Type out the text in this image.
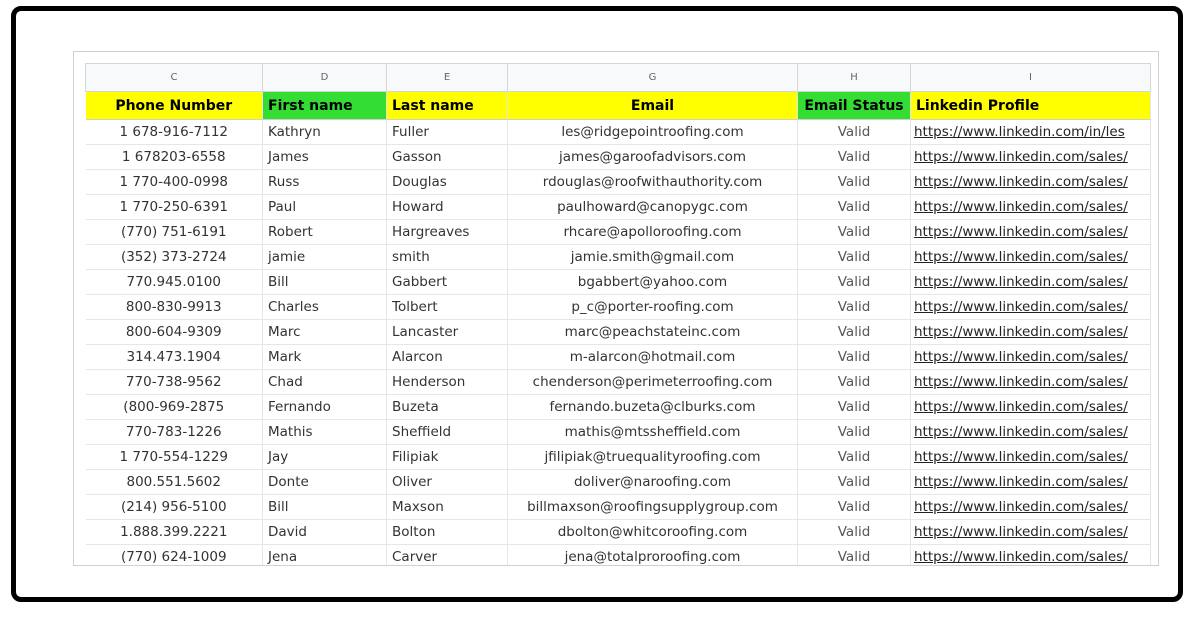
C	D	E	G	H	I
Phone Number	First name	Last name	Email	Email Status	Linkedin Profile
1 678-916-7112	Kathryn	Fuller	les@ridgepointroofing.com	Valid	https://www.linkedin.com/in/les
1 678203-6558	James	Gasson	james@garoofadvisors.com	Valid	https://www.linkedin.com/sales/
1 770-400-0998	Russ	Douglas	rdouglas@roofwithauthority.com	Valid	https://www.linkedin.com/sales/
1 770-250-6391	Paul	Howard	paulhoward@canopygc.com	Valid	https://www.linkedin.com/sales/
(770) 751-6191	Robert	Hargreaves	rhcare@apolloroofing.com	Valid	https://www.linkedin.com/sales/
(352) 373-2724	jamie	smith	jamie.smith@gmail.com	Valid	https://www.linkedin.com/sales/
770.945.0100	Bill	Gabbert	bgabbert@yahoo.com	Valid	https://www.linkedin.com/sales/
800-830-9913	Charles	Tolbert	p_c@porter-roofing.com	Valid	https://www.linkedin.com/sales/
800-604-9309	Marc	Lancaster	marc@peachstateinc.com	Valid	https://www.linkedin.com/sales/
314.473.1904	Mark	Alarcon	m-alarcon@hotmail.com	Valid	https://www.linkedin.com/sales/
770-738-9562	Chad	Henderson	chenderson@perimeterroofing.com	Valid	https://www.linkedin.com/sales/
(800-969-2875	Fernando	Buzeta	fernando.buzeta@clburks.com	Valid	https://www.linkedin.com/sales/
770-783-1226	Mathis	Sheffield	mathis@mtssheffield.com	Valid	https://www.linkedin.com/sales/
1 770-554-1229	Jay	Filipiak	jfilipiak@truequalityroofing.com	Valid	https://www.linkedin.com/sales/
800.551.5602	Donte	Oliver	doliver@naroofing.com	Valid	https://www.linkedin.com/sales/
(214) 956-5100	Bill	Maxson	billmaxson@roofingsupplygroup.com	Valid	https://www.linkedin.com/sales/
1.888.399.2221	David	Bolton	dbolton@whitcoroofing.com	Valid	https://www.linkedin.com/sales/
(770) 624-1009	Jena	Carver	jena@totalproroofing.com	Valid	https://www.linkedin.com/sales/
